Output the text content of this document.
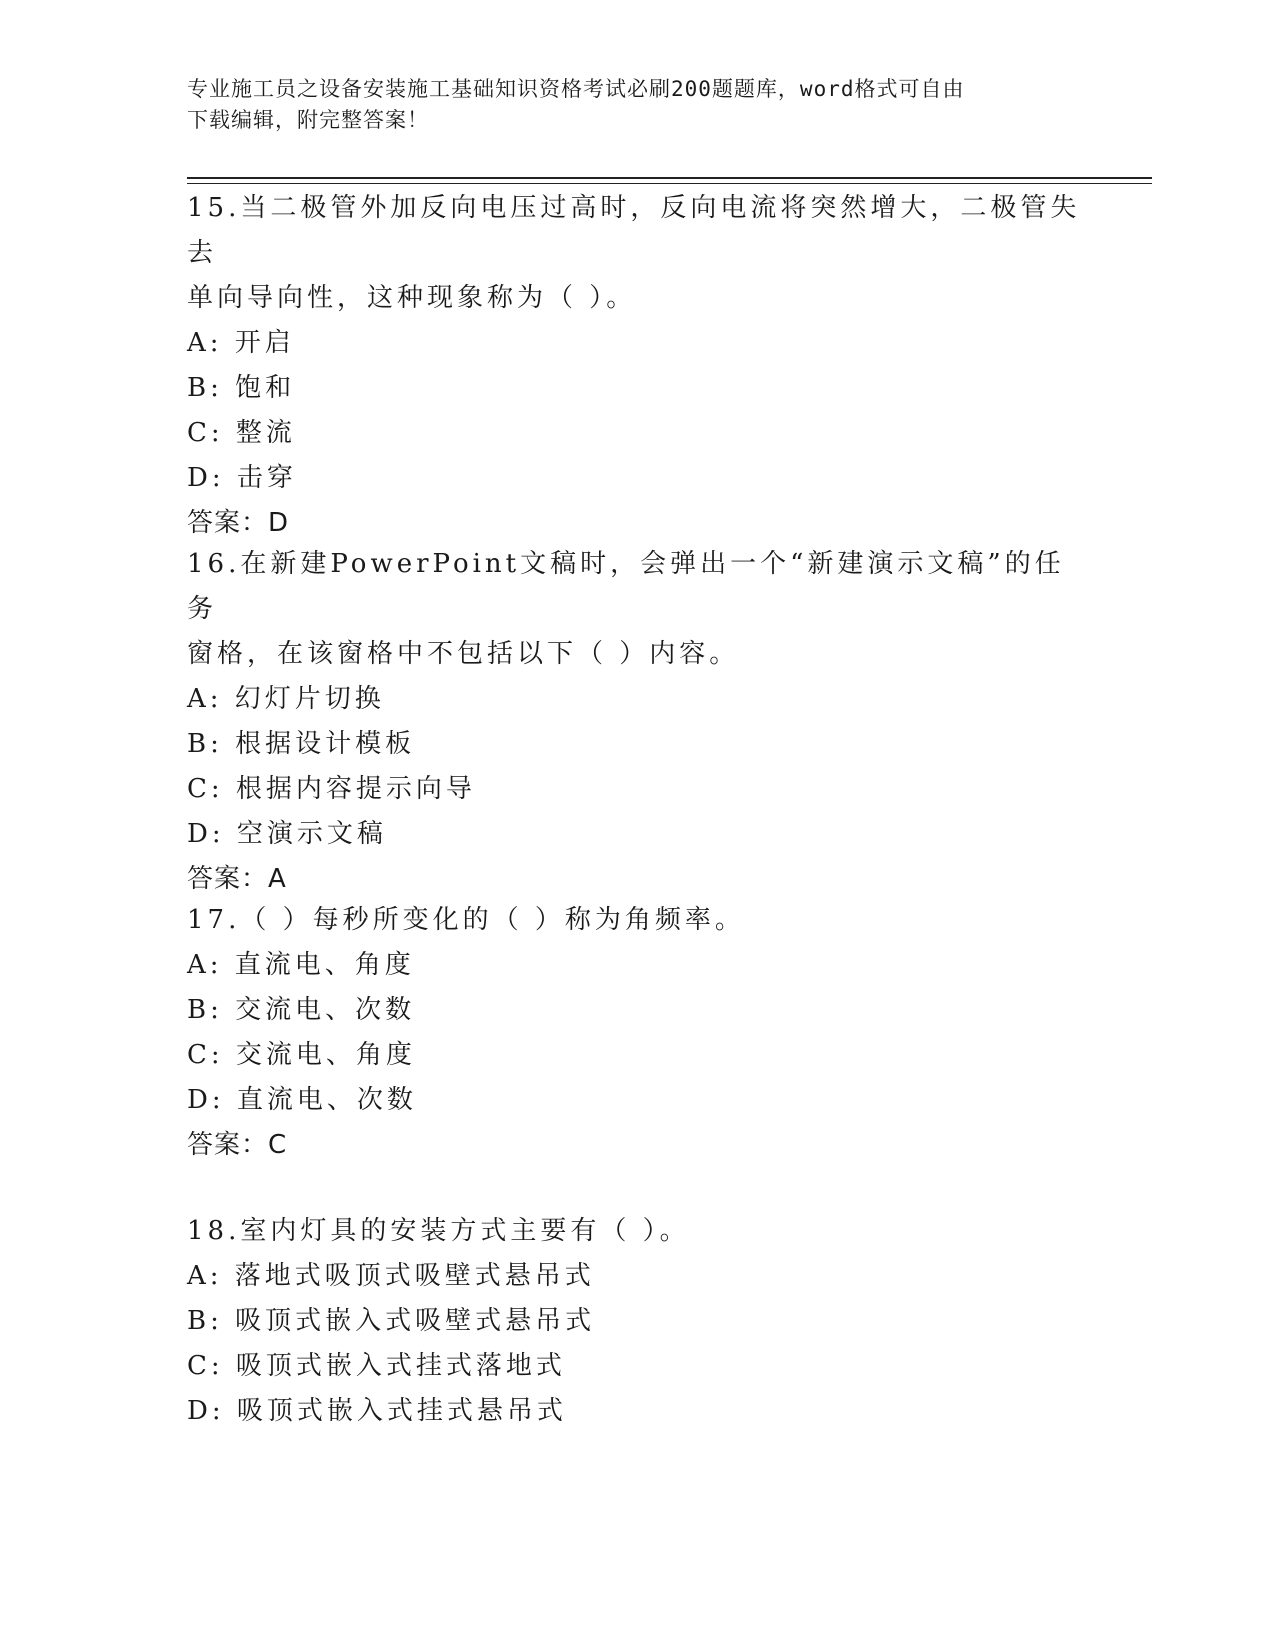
专业施工员之设备安装施工基础知识资格考试必刷200题题库，word格式可自由
下载编辑，附完整答案！

15.当二极管外加反向电压过高时，反向电流将突然增大，二极管失去

单向导向性，这种现象称为（ ）。

A: 开启

B: 饱和

C: 整流

D: 击穿

答案：D

16.在新建PowerPoint文稿时，会弹出一个“新建演示文稿”的任务

窗格，在该窗格中不包括以下（ ）内容。

A: 幻灯片切换

B: 根据设计模板

C: 根据内容提示向导

D: 空演示文稿

答案：A

17.（ ）每秒所变化的（ ）称为角频率。

A: 直流电、角度

B: 交流电、次数

C: 交流电、角度

D: 直流电、次数

答案：C

18.室内灯具的安装方式主要有（ ）。

A: 落地式吸顶式吸壁式悬吊式

B: 吸顶式嵌入式吸壁式悬吊式

C: 吸顶式嵌入式挂式落地式

D: 吸顶式嵌入式挂式悬吊式
